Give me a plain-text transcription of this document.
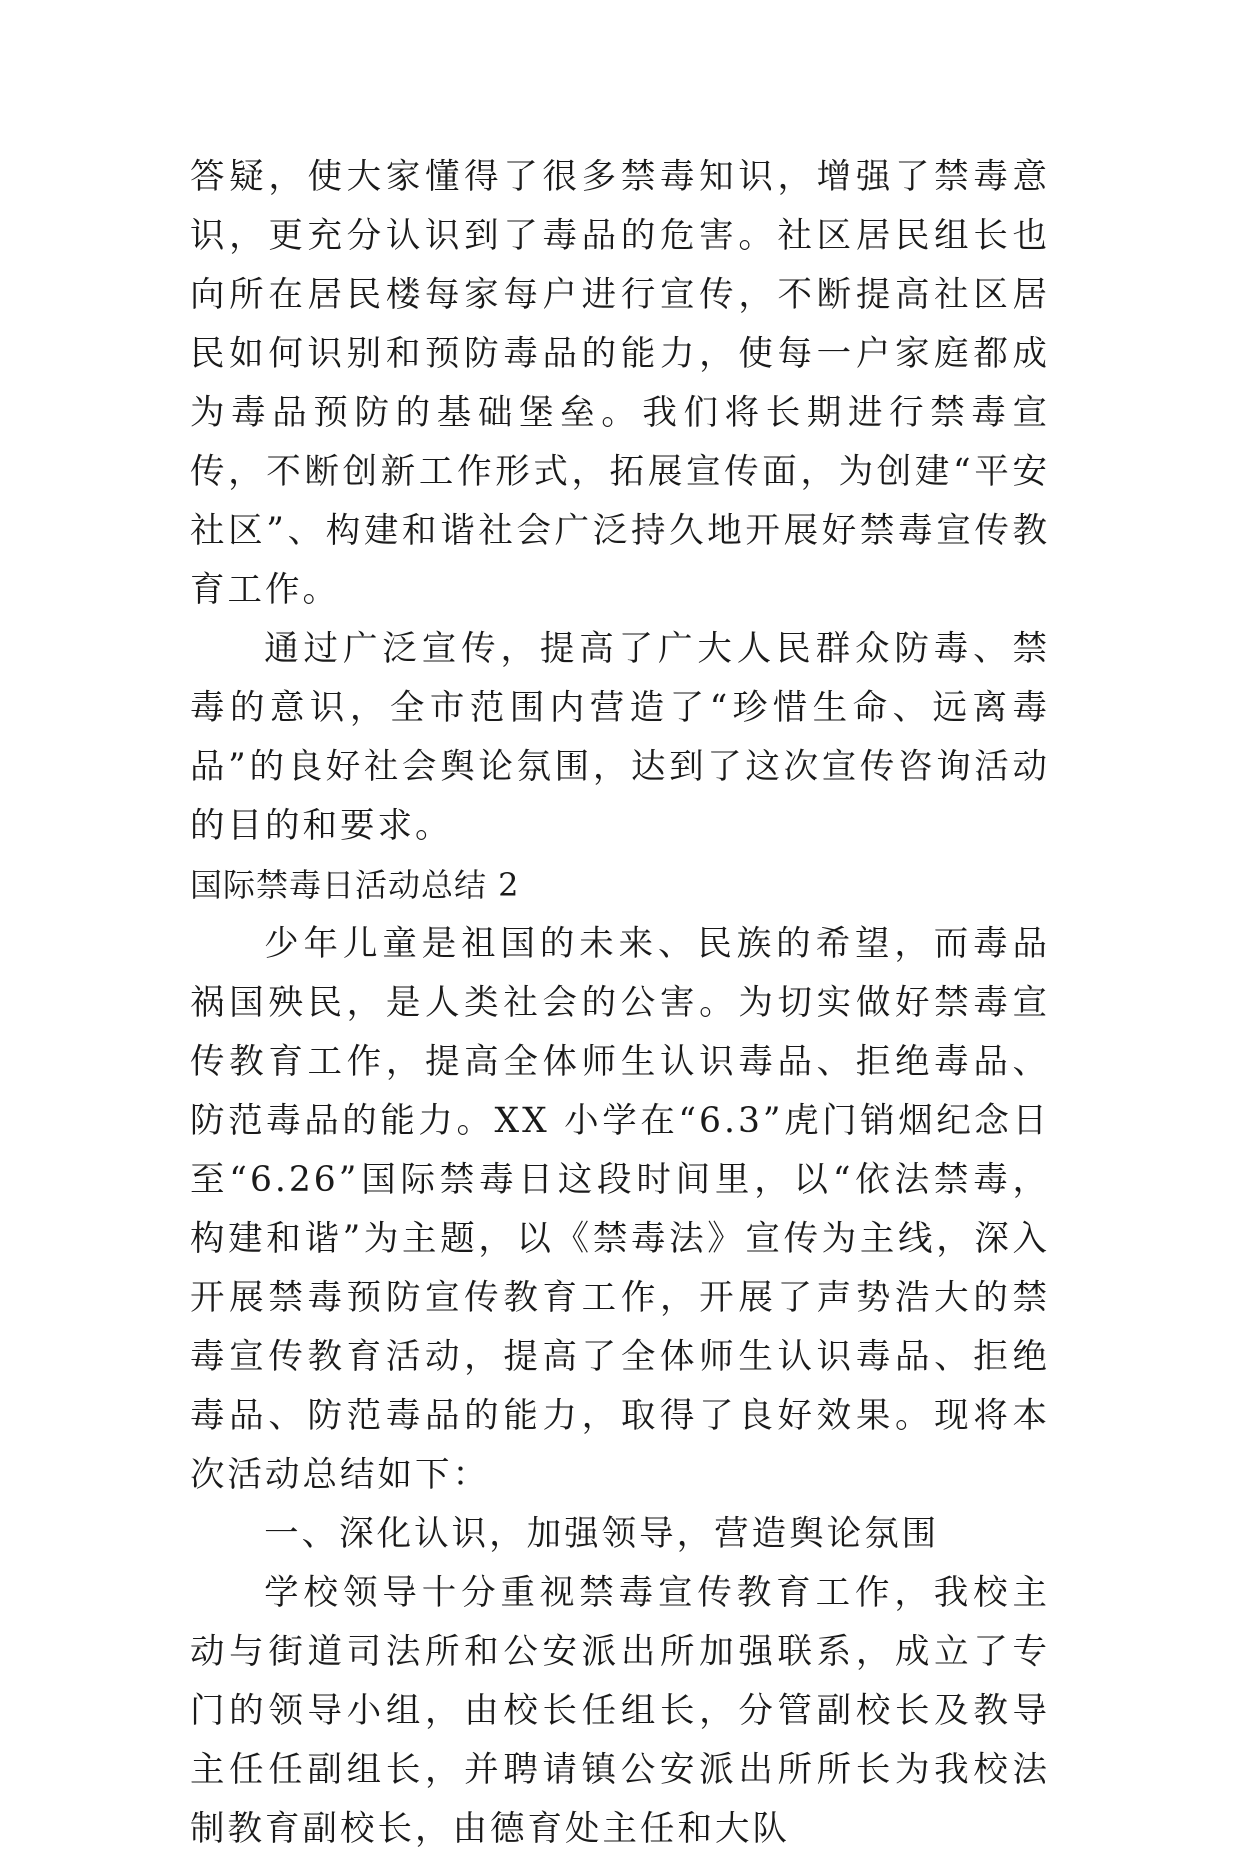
答疑，使大家懂得了很多禁毒知识，增强了禁毒意识，更充分认识到了毒品的危害。社区居民组长也向所在居民楼每家每户进行宣传，不断提高社区居民如何识别和预防毒品的能力，使每一户家庭都成为毒品预防的基础堡垒。我们将长期进行禁毒宣传，不断创新工作形式，拓展宣传面，为创建“平安社区”、构建和谐社会广泛持久地开展好禁毒宣传教育工作。

通过广泛宣传，提高了广大人民群众防毒、禁毒的意识，全市范围内营造了“珍惜生命、远离毒品”的良好社会舆论氛围，达到了这次宣传咨询活动的目的和要求。

国际禁毒日活动总结 2

少年儿童是祖国的未来、民族的希望，而毒品祸国殃民，是人类社会的公害。为切实做好禁毒宣传教育工作，提高全体师生认识毒品、拒绝毒品、防范毒品的能力。XX 小学在“6.3”虎门销烟纪念日至“6.26”国际禁毒日这段时间里，以“依法禁毒，构建和谐”为主题，以《禁毒法》宣传为主线，深入开展禁毒预防宣传教育工作，开展了声势浩大的禁毒宣传教育活动，提高了全体师生认识毒品、拒绝毒品、防范毒品的能力，取得了良好效果。现将本次活动总结如下：

一、深化认识，加强领导，营造舆论氛围

学校领导十分重视禁毒宣传教育工作，我校主动与街道司法所和公安派出所加强联系，成立了专门的领导小组，由校长任组长，分管副校长及教导主任任副组长，并聘请镇公安派出所所长为我校法制教育副校长，由德育处主任和大队
